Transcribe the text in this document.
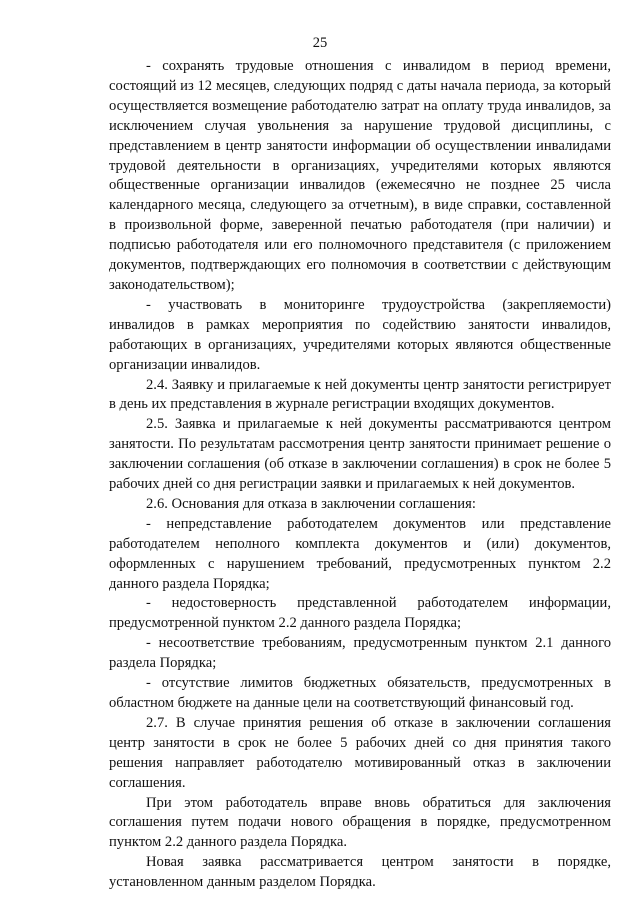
25

- сохранять трудовые отношения с инвалидом в период времени, состоящий из 12 месяцев, следующих подряд с даты начала периода, за который осуществляется возмещение работодателю затрат на оплату труда инвалидов, за исключением случая увольнения за нарушение трудовой дисциплины, с представлением в центр занятости информации об осуществлении инвалидами трудовой деятельности в организациях, учредителями которых являются общественные организации инвалидов (ежемесячно не позднее 25 числа календарного месяца, следующего за отчетным), в виде справки, составленной в произвольной форме, заверенной печатью работодателя (при наличии) и подписью работодателя или его полномочного представителя (с приложением документов, подтверждающих его полномочия в соответствии с действующим законодательством);

- участвовать в мониторинге трудоустройства (закрепляемости) инвалидов в рамках мероприятия по содействию занятости инвалидов, работающих в организациях, учредителями которых являются общественные организации инвалидов.

2.4. Заявку и прилагаемые к ней документы центр занятости регистрирует в день их представления в журнале регистрации входящих документов.

2.5. Заявка и прилагаемые к ней документы рассматриваются центром занятости. По результатам рассмотрения центр занятости принимает решение о заключении соглашения (об отказе в заключении соглашения) в срок не более 5 рабочих дней со дня регистрации заявки и прилагаемых к ней документов.

2.6. Основания для отказа в заключении соглашения:

- непредставление работодателем документов или представление работодателем неполного комплекта документов и (или) документов, оформленных с нарушением требований, предусмотренных пунктом 2.2 данного раздела Порядка;

- недостоверность представленной работодателем информации, предусмотренной пунктом 2.2 данного раздела Порядка;

- несоответствие требованиям, предусмотренным пунктом 2.1 данного раздела Порядка;

- отсутствие лимитов бюджетных обязательств, предусмотренных в областном бюджете на данные цели на соответствующий финансовый год.

2.7. В случае принятия решения об отказе в заключении соглашения центр занятости в срок не более 5 рабочих дней со дня принятия такого решения направляет работодателю мотивированный отказ в заключении соглашения.

При этом работодатель вправе вновь обратиться для заключения соглашения путем подачи нового обращения в порядке, предусмотренном пунктом 2.2 данного раздела Порядка.

Новая заявка рассматривается центром занятости в порядке, установленном данным разделом Порядка.
